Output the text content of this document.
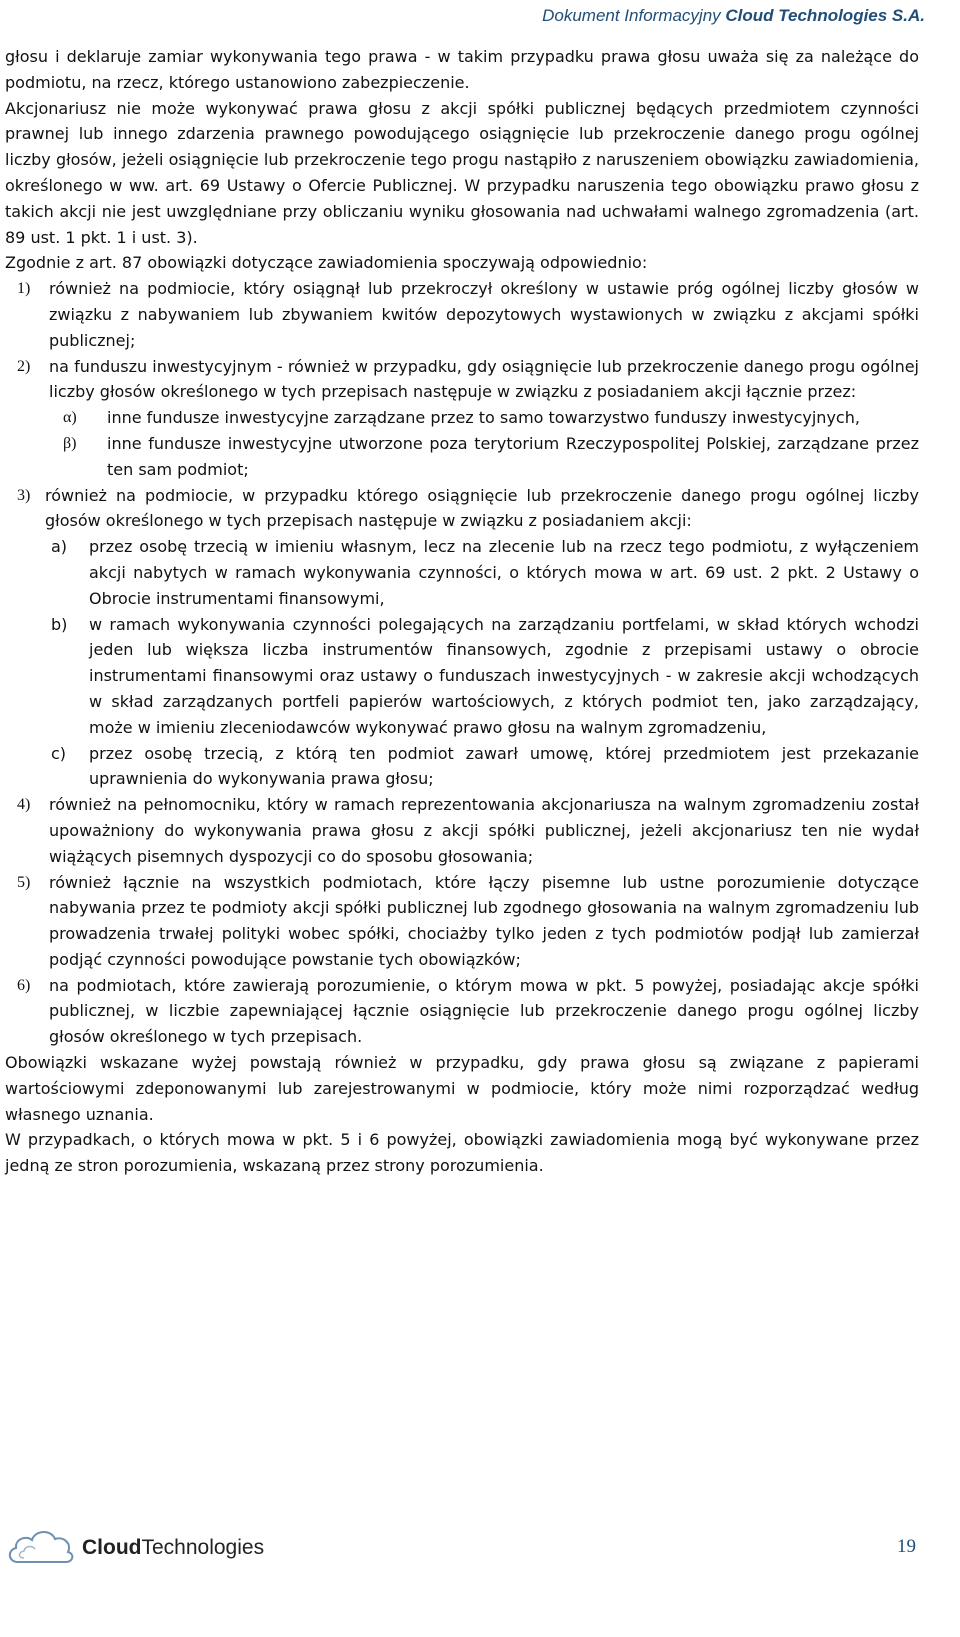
Dokument Informacyjny Cloud Technologies S.A.

głosu i deklaruje zamiar wykonywania tego prawa - w takim przypadku prawa głosu uważa się za należące do podmiotu, na rzecz, którego ustanowiono zabezpieczenie.

Akcjonariusz nie może wykonywać prawa głosu z akcji spółki publicznej będących przedmiotem czynności prawnej lub innego zdarzenia prawnego powodującego osiągnięcie lub przekroczenie danego progu ogólnej liczby głosów, jeżeli osiągnięcie lub przekroczenie tego progu nastąpiło z naruszeniem obowiązku zawiadomienia, określonego w ww. art. 69 Ustawy o Ofercie Publicznej. W przypadku naruszenia tego obowiązku prawo głosu z takich akcji nie jest uwzględniane przy obliczaniu wyniku głosowania nad uchwałami walnego zgromadzenia (art. 89 ust. 1 pkt. 1 i ust. 3).

Zgodnie z art. 87 obowiązki dotyczące zawiadomienia spoczywają odpowiednio:

1)	również na podmiocie, który osiągnął lub przekroczył określony w ustawie próg ogólnej liczby głosów w związku z nabywaniem lub zbywaniem kwitów depozytowych wystawionych w związku z akcjami spółki publicznej;
2)	na funduszu inwestycyjnym - również w przypadku, gdy osiągnięcie lub przekroczenie danego progu ogólnej liczby głosów określonego w tych przepisach następuje w związku z posiadaniem akcji łącznie przez:
α)	inne fundusze inwestycyjne zarządzane przez to samo towarzystwo funduszy inwestycyjnych,
β)	inne fundusze inwestycyjne utworzone poza terytorium Rzeczypospolitej Polskiej, zarządzane przez ten sam podmiot;
3) również na podmiocie, w przypadku którego osiągnięcie lub przekroczenie danego progu ogólnej liczby głosów określonego w tych przepisach następuje w związku z posiadaniem akcji:
a)	przez osobę trzecią w imieniu własnym, lecz na zlecenie lub na rzecz tego podmiotu, z wyłączeniem akcji nabytych w ramach wykonywania czynności, o których mowa w art. 69 ust. 2 pkt. 2 Ustawy o Obrocie instrumentami finansowymi,
b)	w ramach wykonywania czynności polegających na zarządzaniu portfelami, w skład których wchodzi jeden lub większa liczba instrumentów finansowych, zgodnie z przepisami ustawy o obrocie instrumentami finansowymi oraz ustawy o funduszach inwestycyjnych - w zakresie akcji wchodzących w skład zarządzanych portfeli papierów wartościowych, z których podmiot ten, jako zarządzający, może w imieniu zleceniodawców wykonywać prawo głosu na walnym zgromadzeniu,
c)	przez osobę trzecią, z którą ten podmiot zawarł umowę, której przedmiotem jest przekazanie uprawnienia do wykonywania prawa głosu;
4)	również na pełnomocniku, który w ramach reprezentowania akcjonariusza na walnym zgromadzeniu został upoważniony do wykonywania prawa głosu z akcji spółki publicznej, jeżeli akcjonariusz ten nie wydał wiążących pisemnych dyspozycji co do sposobu głosowania;
5)	również łącznie na wszystkich podmiotach, które łączy pisemne lub ustne porozumienie dotyczące nabywania przez te podmioty akcji spółki publicznej lub zgodnego głosowania na walnym zgromadzeniu lub prowadzenia trwałej polityki wobec spółki, chociażby tylko jeden z tych podmiotów podjął lub zamierzał podjąć czynności powodujące powstanie tych obowiązków;
6)	na podmiotach, które zawierają porozumienie, o którym mowa w pkt. 5 powyżej, posiadając akcje spółki publicznej, w liczbie zapewniającej łącznie osiągnięcie lub przekroczenie danego progu ogólnej liczby głosów określonego w tych przepisach.

Obowiązki wskazane wyżej powstają również w przypadku, gdy prawa głosu są związane z papierami wartościowymi zdeponowanymi lub zarejestrowanymi w podmiocie, który może nimi rozporządzać według własnego uznania.

W przypadkach, o których mowa w pkt. 5 i 6 powyżej, obowiązki zawiadomienia mogą być wykonywane przez jedną ze stron porozumienia, wskazaną przez strony porozumienia.

CloudTechnologies	19
